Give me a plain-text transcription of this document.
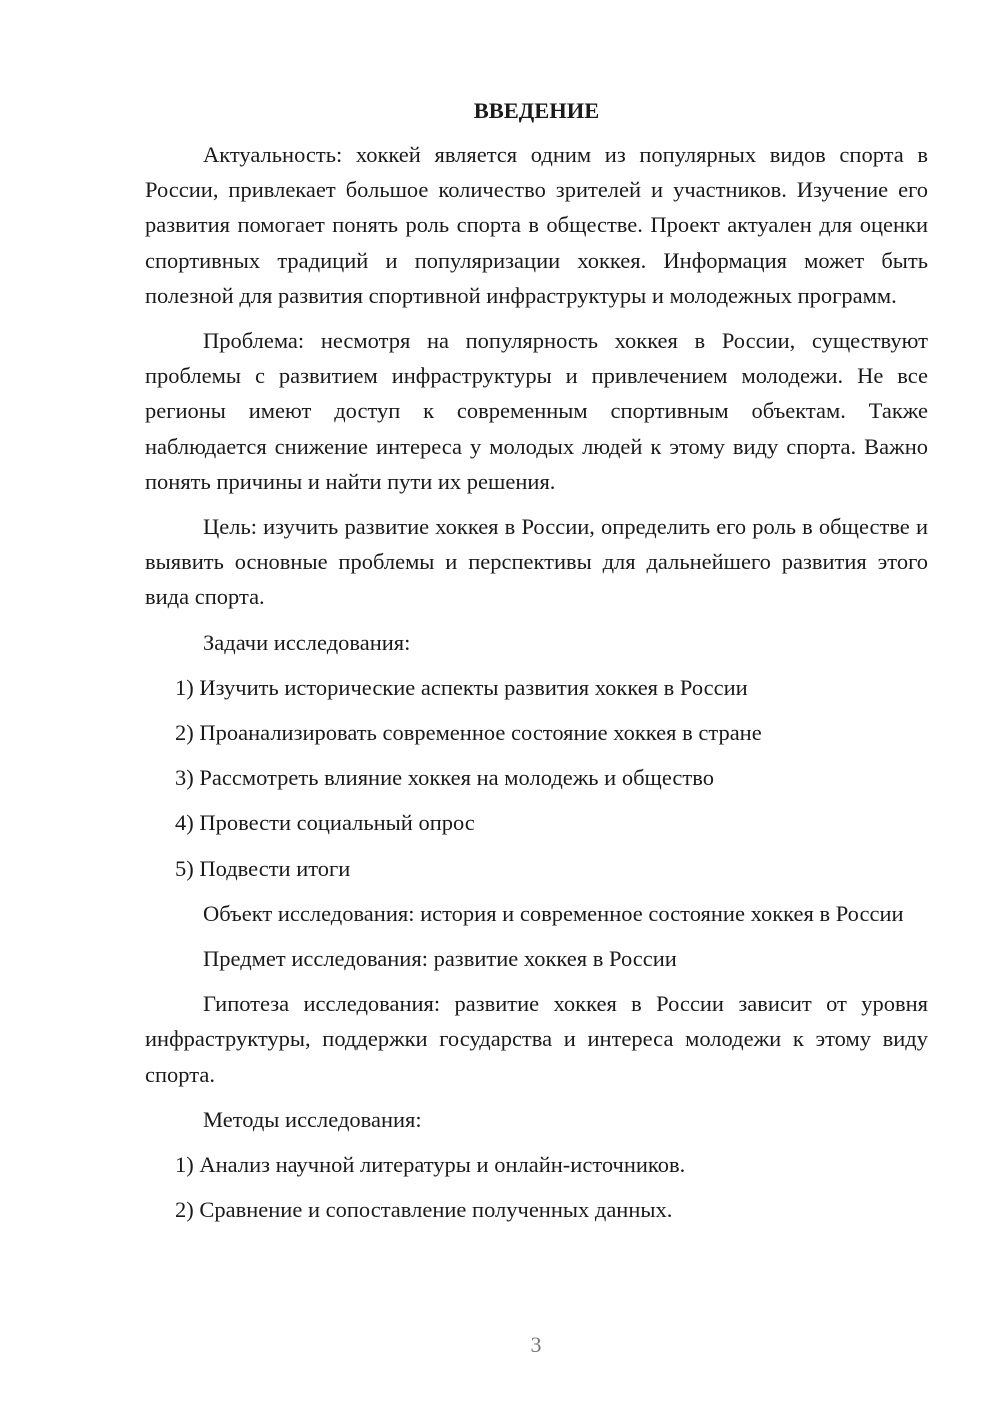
ВВЕДЕНИЕ

Актуальность: хоккей является одним из популярных видов спорта в России, привлекает большое количество зрителей и участников. Изучение его развития помогает понять роль спорта в обществе. Проект актуален для оценки спортивных традиций и популяризации хоккея. Информация может быть полезной для развития спортивной инфраструктуры и молодежных программ.

Проблема: несмотря на популярность хоккея в России, существуют проблемы с развитием инфраструктуры и привлечением молодежи. Не все регионы имеют доступ к современным спортивным объектам. Также наблюдается снижение интереса у молодых людей к этому виду спорта. Важно понять причины и найти пути их решения.

Цель: изучить развитие хоккея в России, определить его роль в обществе и выявить основные проблемы и перспективы для дальнейшего развития этого вида спорта.

Задачи исследования:

1) Изучить исторические аспекты развития хоккея в России
2) Проанализировать современное состояние хоккея в стране
3) Рассмотреть влияние хоккея на молодежь и общество
4) Провести социальный опрос
5) Подвести итоги

Объект исследования: история и современное состояние хоккея в России

Предмет исследования: развитие хоккея в России

Гипотеза исследования: развитие хоккея в России зависит от уровня инфраструктуры, поддержки государства и интереса молодежи к этому виду спорта.

Методы исследования:

1) Анализ научной литературы и онлайн-источников.
2) Сравнение и сопоставление полученных данных.
3
